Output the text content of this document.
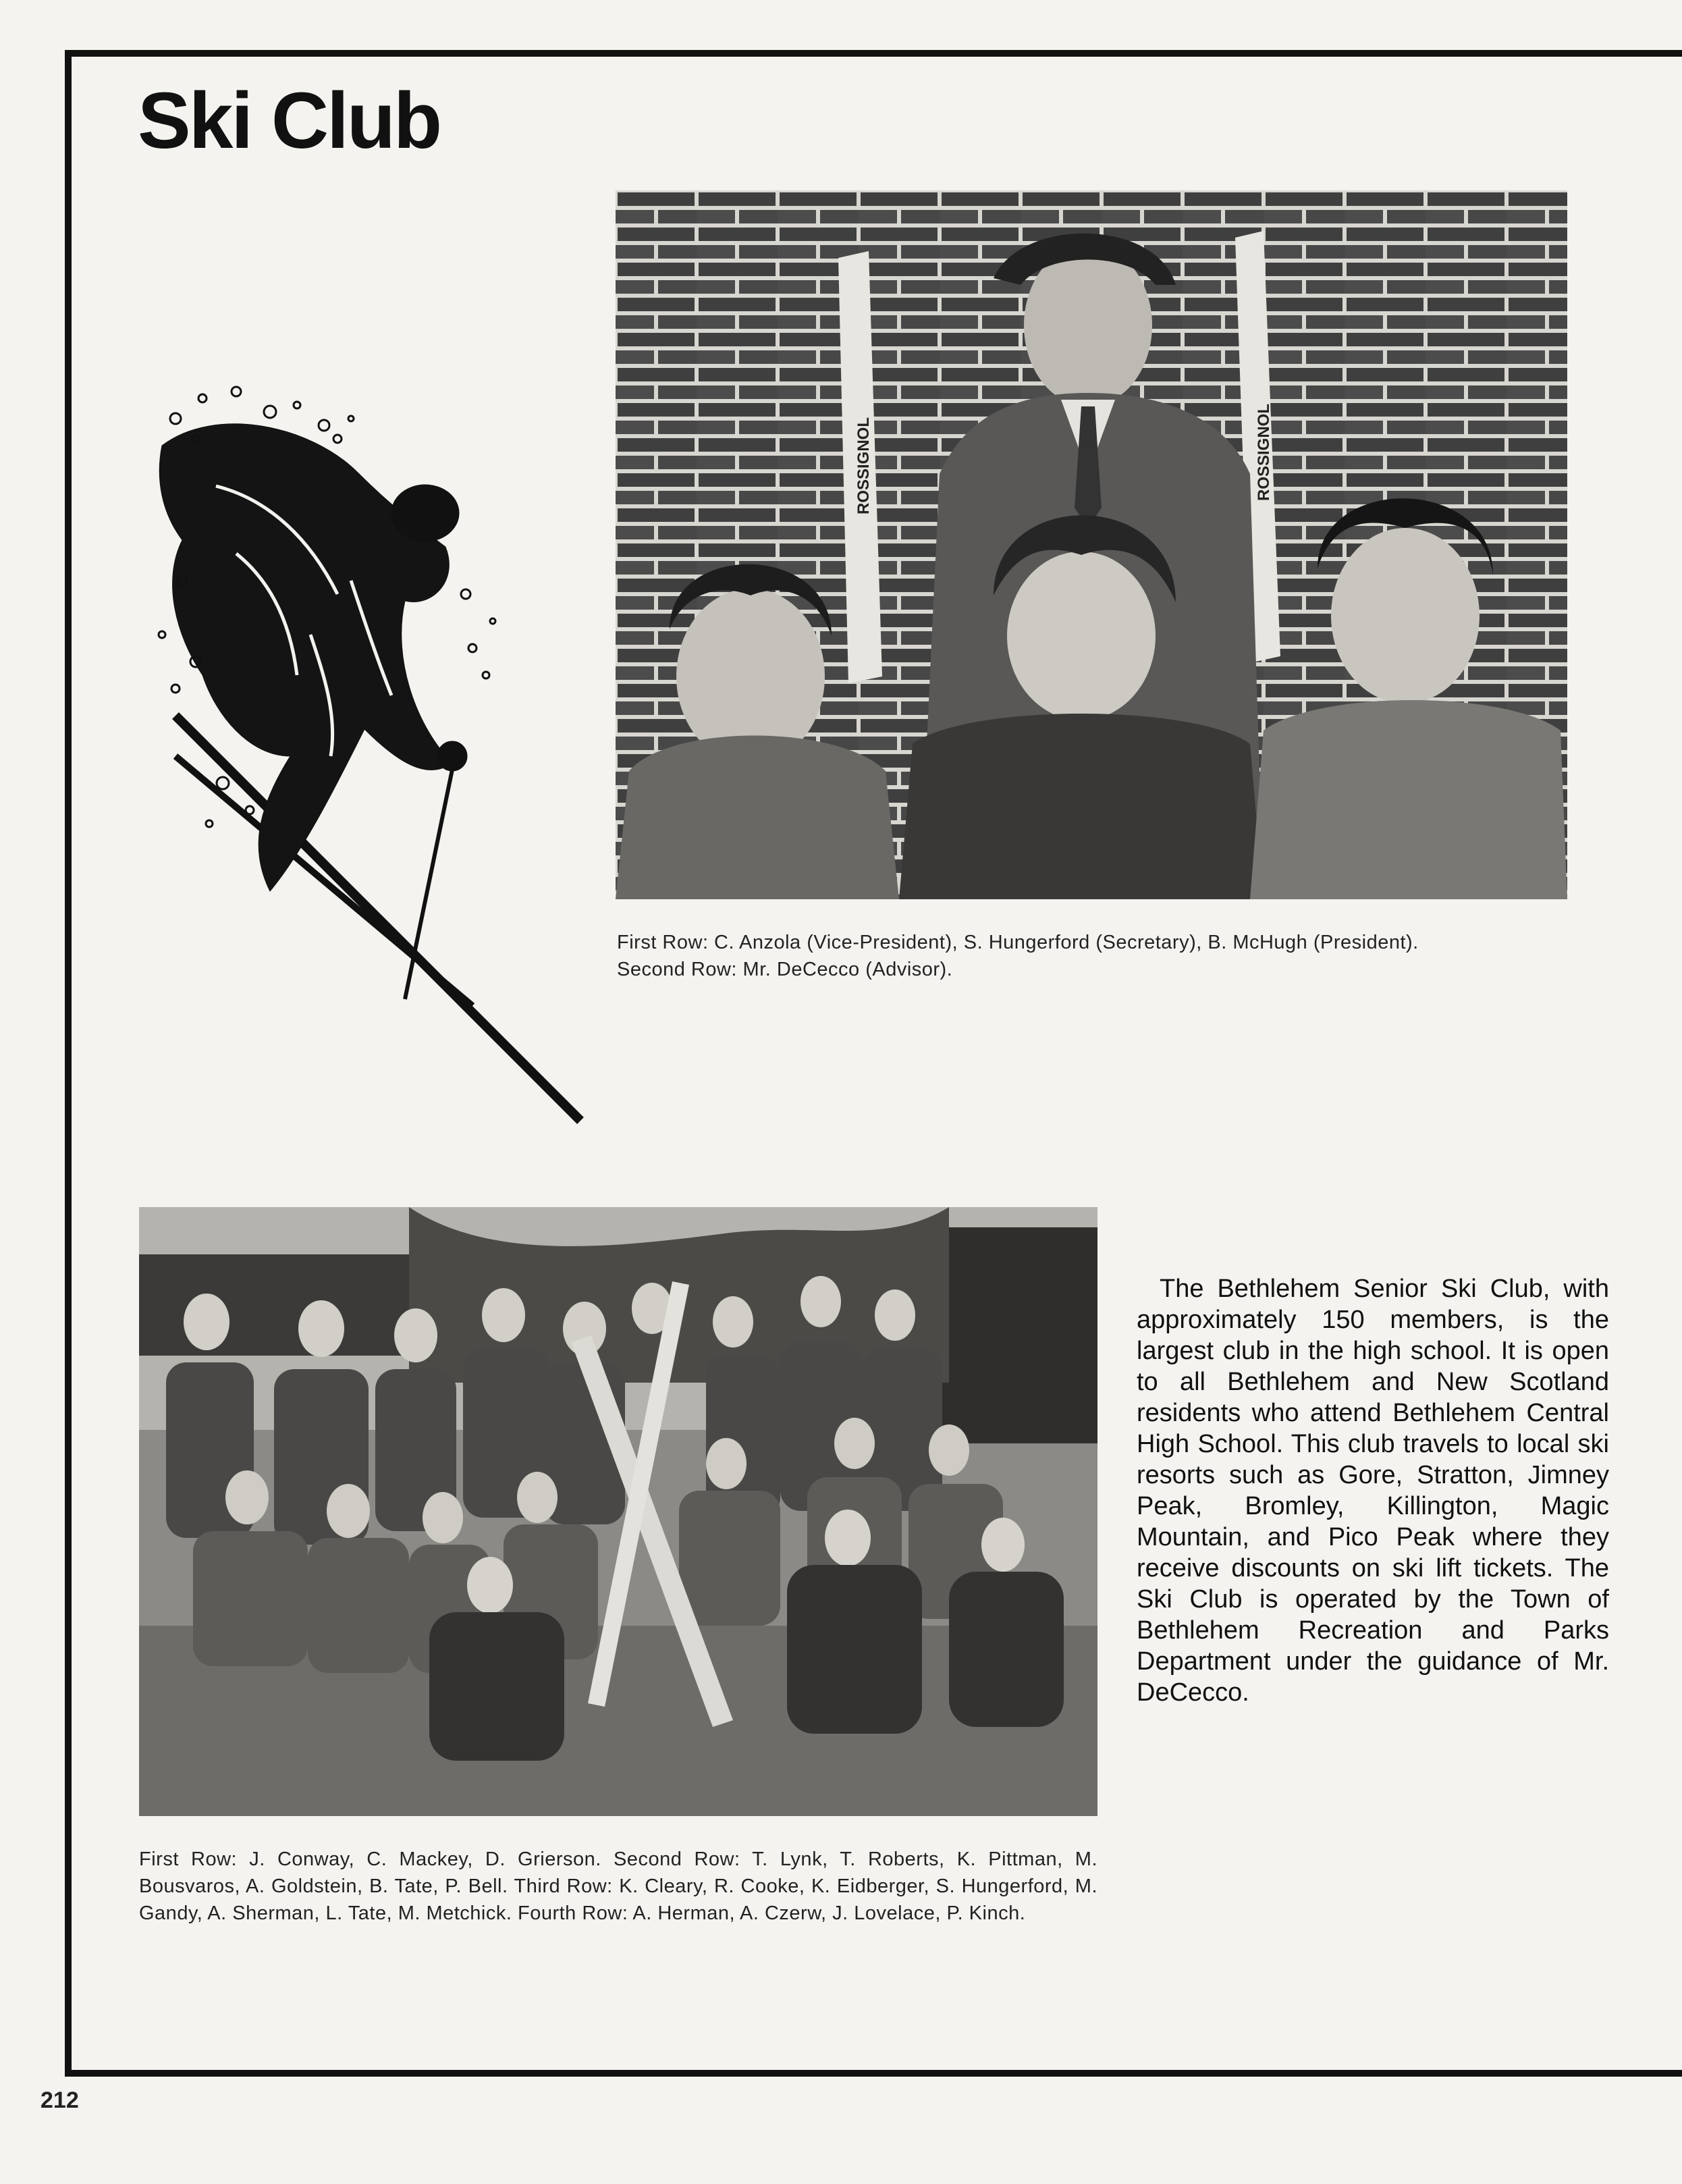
Ski Club
ROSSIGNOL	ROSSIGNOL
First Row: C. Anzola (Vice-President), S. Hungerford (Secretary), B. McHugh (President).
Second Row: Mr. DeCecco (Advisor).
First Row: J. Conway, C. Mackey, D. Grierson. Second Row: T. Lynk, T. Roberts, K. Pittman, M. Bousvaros, A. Goldstein, B. Tate, P. Bell. Third Row: K. Cleary, R. Cooke, K. Eidberger, S. Hungerford, M. Gandy, A. Sherman, L. Tate, M. Metchick. Fourth Row: A. Herman, A. Czerw, J. Lovelace, P. Kinch.

The Bethlehem Senior Ski Club, with approximately 150 members, is the largest club in the high school. It is open to all Bethlehem and New Scotland residents who attend Bethlehem Central High School. This club travels to local ski resorts such as Gore, Stratton, Jimney Peak, Bromley, Killington, Magic Mountain, and Pico Peak where they receive discounts on ski lift tickets. The Ski Club is operated by the Town of Bethlehem Recreation and Parks Department under the guidance of Mr. DeCecco.

212
